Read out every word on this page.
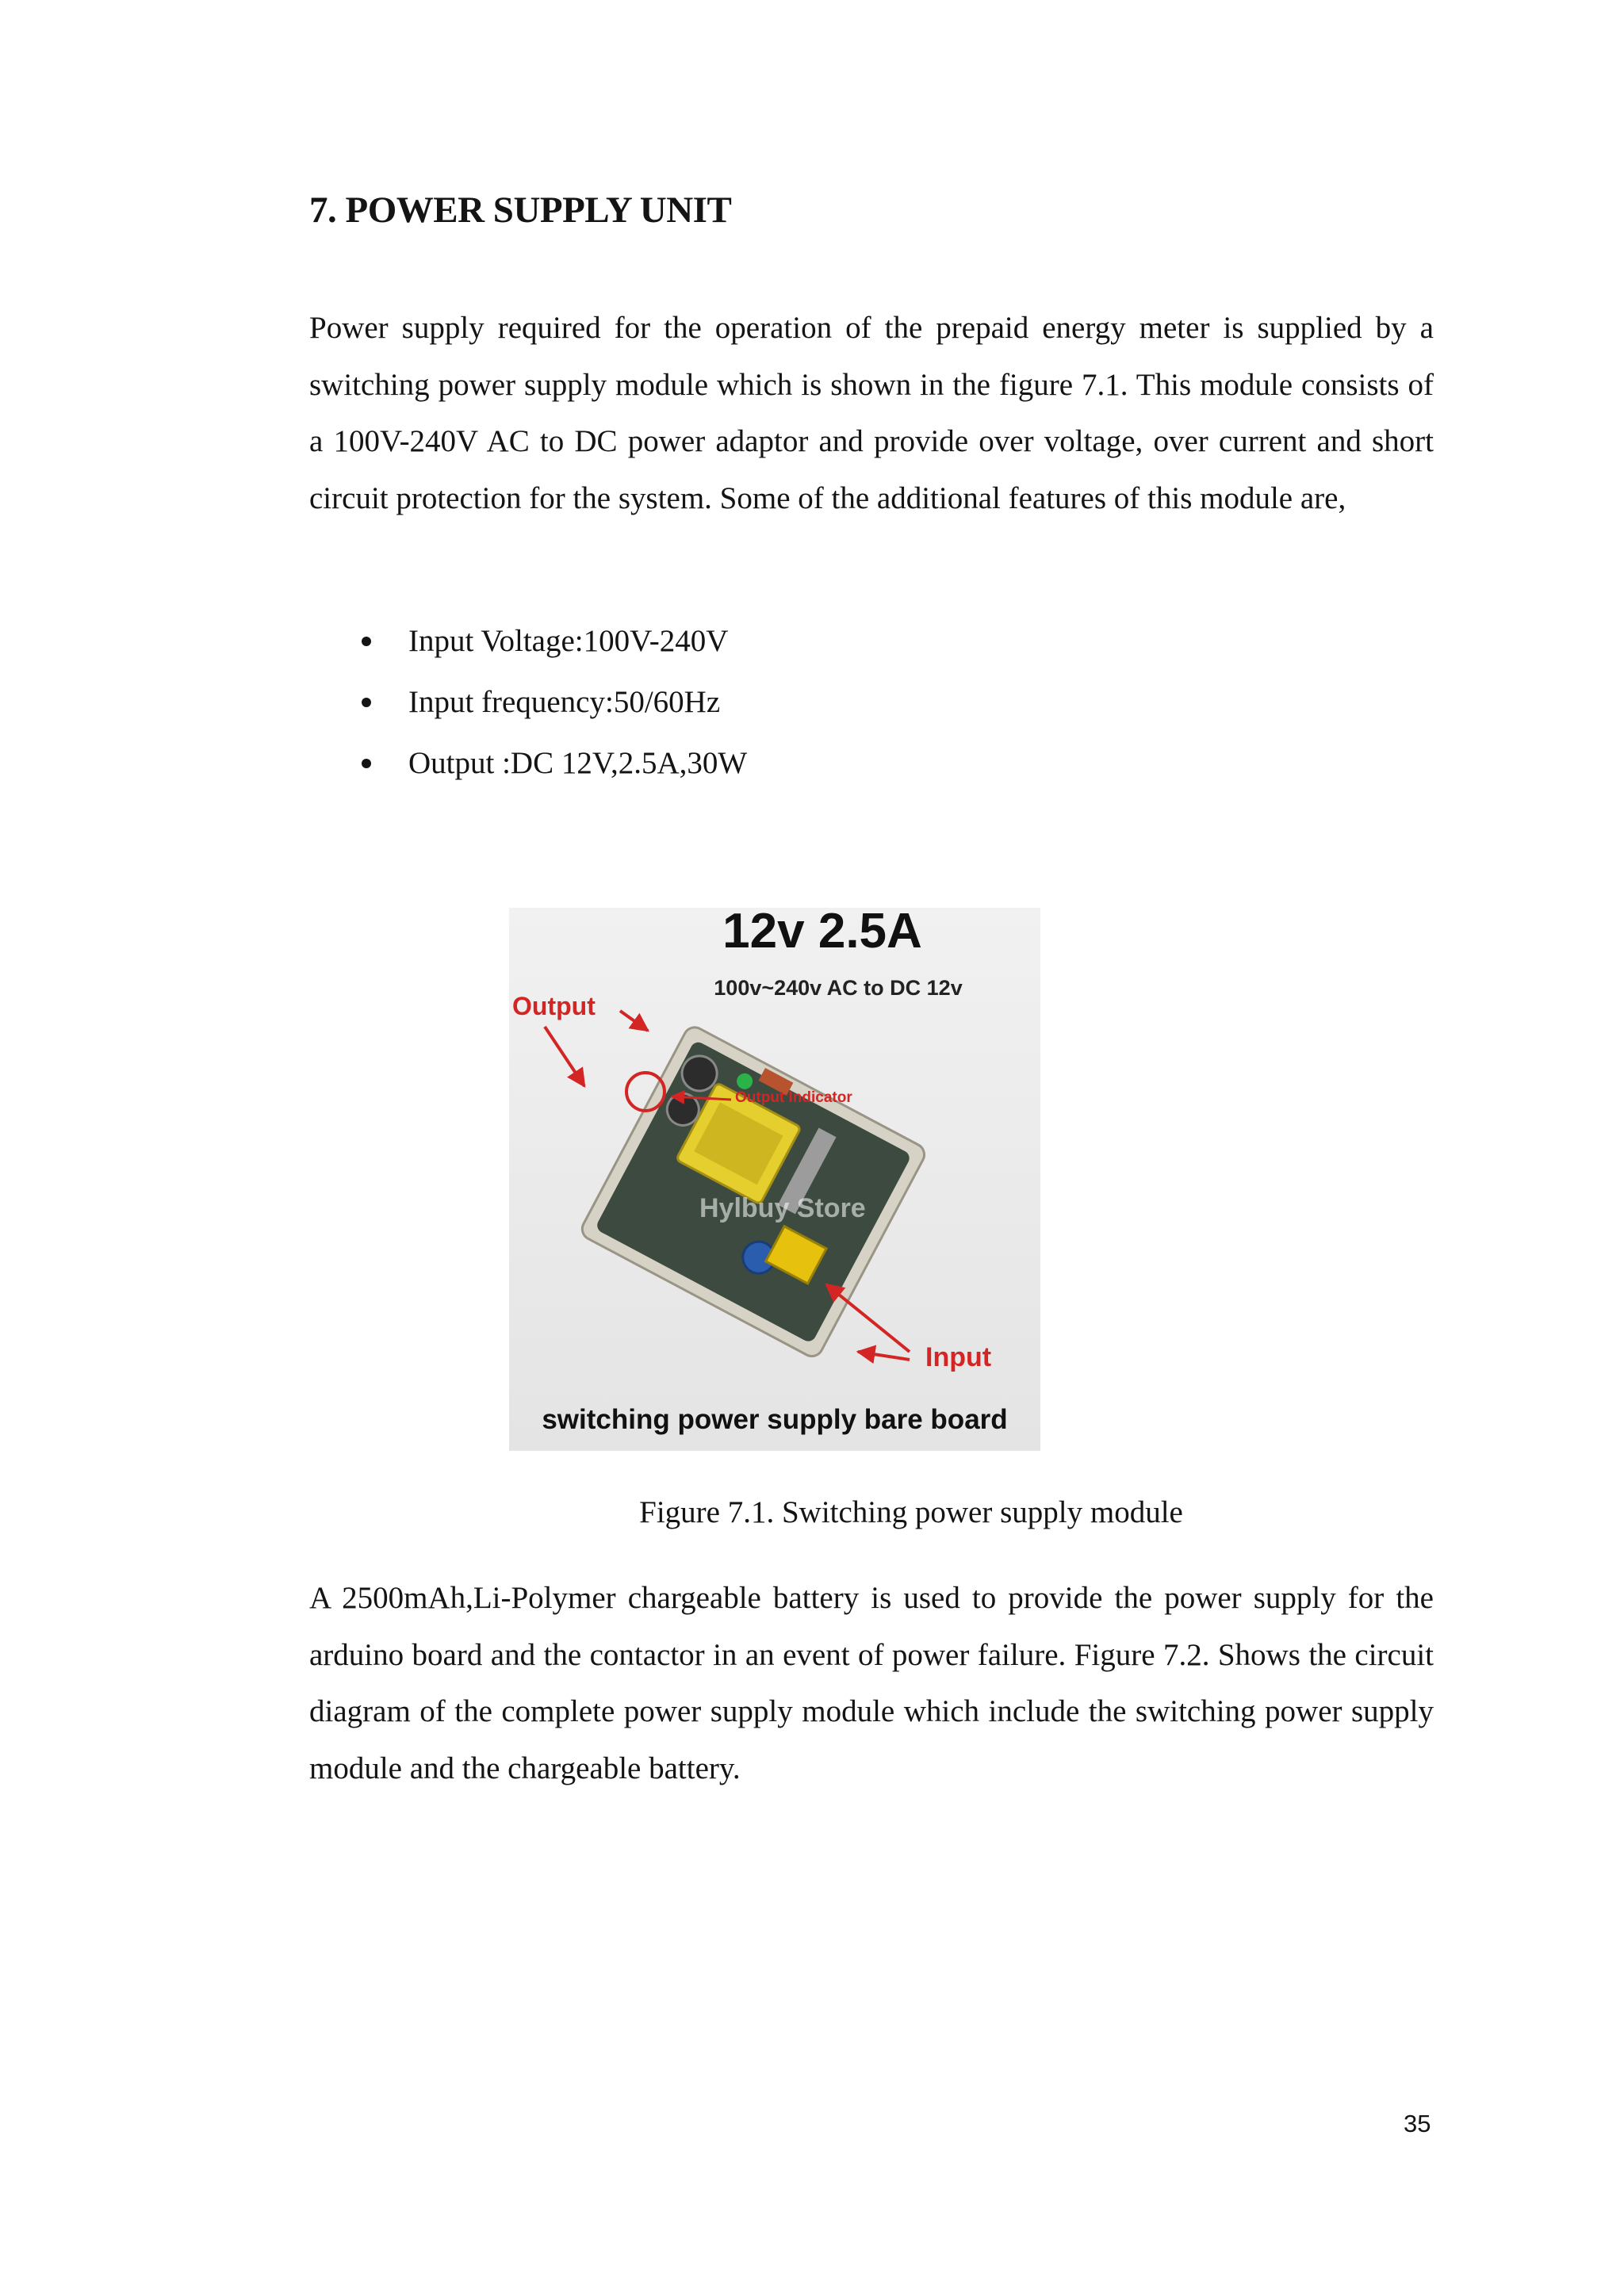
7. POWER SUPPLY UNIT

Power supply required for the operation of the prepaid energy meter is supplied by a switching power supply module which is shown in the figure 7.1. This module consists of a 100V-240V AC to DC power adaptor and provide over voltage, over current and short circuit protection for the system. Some of the additional features of this module are,

Input Voltage:100V-240V
Input frequency:50/60Hz
Output :DC 12V,2.5A,30W
12v 2.5A
100v~240v AC to DC 12v
Output
Output Indicator
Input
Hylbuy Store
switching power supply bare board
Figure 7.1. Switching power supply module

A 2500mAh,Li-Polymer chargeable battery is used to provide the power supply for the arduino board and the contactor in an event of power failure. Figure 7.2. Shows the circuit diagram of the complete power supply module which include the switching power supply module and the chargeable battery.

35
